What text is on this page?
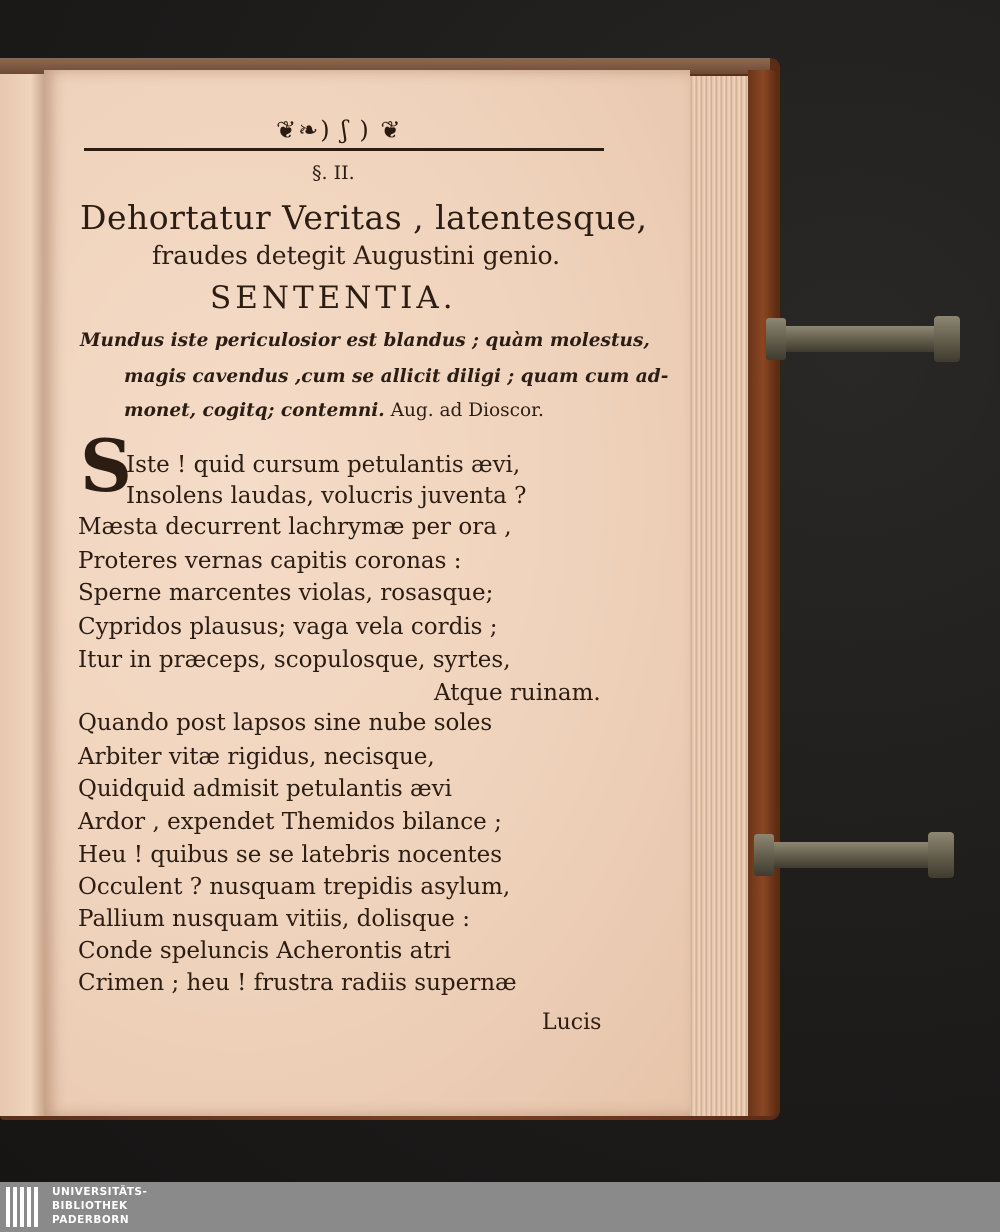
❦❧) ʃ ) ❦
§. II.
Dehortatur Veritas , latentesque,
fraudes detegit Augustini genio.
SENTENTIA.
Mundus iste periculosior est blandus ; quàm molestus,
magis cavendus ,cum se allicit diligi ; quam cum ad-
monet, cogitq; contemni. Aug. ad Dioscor.
S
Iste ! quid cursum petulantis ævi,
Insolens laudas, volucris juventa ?
Mæsta decurrent lachrymæ per ora ,
Proteres vernas capitis coronas :
Sperne marcentes violas, rosasque;
Cypridos plausus; vaga vela cordis ;
Itur in præceps, scopulosque, syrtes,
Atque ruinam.
Quando post lapsos sine nube soles
Arbiter vitæ rigidus, necisque,
Quidquid admisit petulantis ævi
Ardor , expendet Themidos bilance ;
Heu ! quibus se se latebris nocentes
Occulent ? nusquam trepidis asylum,
Pallium nusquam vitiis, dolisque :
Conde speluncis Acherontis atri
Crimen ; heu ! frustra radiis supernæ
Lucis
UNIVERSITÄTS-
BIBLIOTHEK
PADERBORN
